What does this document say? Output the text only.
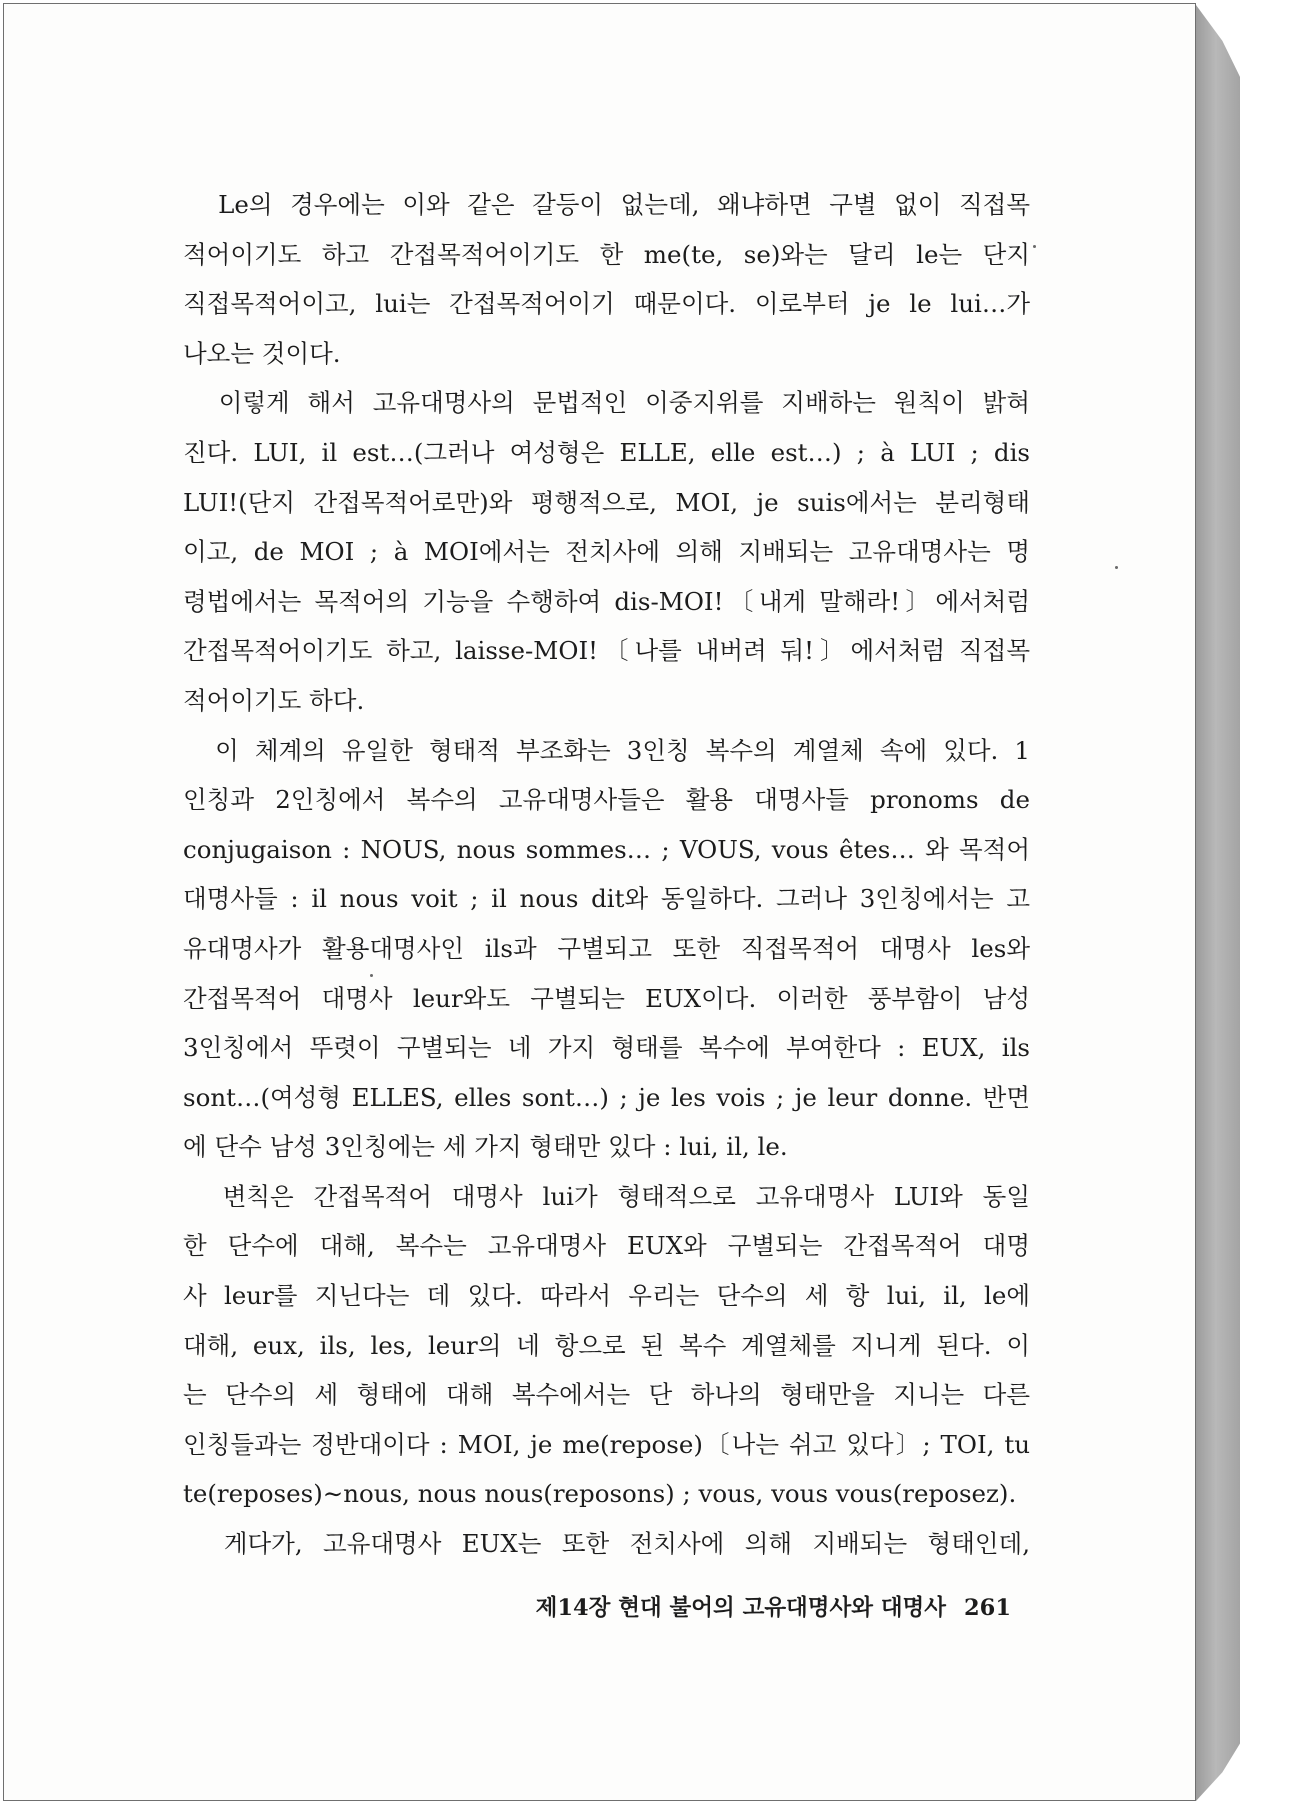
Le의 경우에는 이와 같은 갈등이 없는데, 왜냐하면 구별 없이 직접목
적어이기도 하고 간접목적어이기도 한 me(te, se)와는 달리 le는 단지
직접목적어이고, lui는 간접목적어이기 때문이다. 이로부터 je le lui…가
나오는 것이다.
이렇게 해서 고유대명사의 문법적인 이중지위를 지배하는 원칙이 밝혀
진다. LUI, il est…(그러나 여성형은 ELLE, elle est…) ; à LUI ; dis
LUI!(단지 간접목적어로만)와 평행적으로, MOI, je suis에서는 분리형태
이고, de MOI ; à MOI에서는 전치사에 의해 지배되는 고유대명사는 명
령법에서는 목적어의 기능을 수행하여 dis-MOI!〔내게 말해라!〕에서처럼
간접목적어이기도 하고, laisse-MOI!〔나를 내버려 둬!〕에서처럼 직접목
적어이기도 하다.
이 체계의 유일한 형태적 부조화는 3인칭 복수의 계열체 속에 있다. 1
인칭과 2인칭에서 복수의 고유대명사들은 활용 대명사들 pronoms de
conjugaison : NOUS, nous sommes… ; VOUS, vous êtes… 와 목적어
대명사들 : il nous voit ; il nous dit와 동일하다. 그러나 3인칭에서는 고
유대명사가 활용대명사인 ils과 구별되고 또한 직접목적어 대명사 les와
간접목적어 대명사 leur와도 구별되는 EUX이다. 이러한 풍부함이 남성
3인칭에서 뚜렷이 구별되는 네 가지 형태를 복수에 부여한다 : EUX, ils
sont…(여성형 ELLES, elles sont…) ; je les vois ; je leur donne. 반면
에 단수 남성 3인칭에는 세 가지 형태만 있다 : lui, il, le.
변칙은 간접목적어 대명사 lui가 형태적으로 고유대명사 LUI와 동일
한 단수에 대해, 복수는 고유대명사 EUX와 구별되는 간접목적어 대명
사 leur를 지닌다는 데 있다. 따라서 우리는 단수의 세 항 lui, il, le에
대해, eux, ils, les, leur의 네 항으로 된 복수 계열체를 지니게 된다. 이
는 단수의 세 형태에 대해 복수에서는 단 하나의 형태만을 지니는 다른
인칭들과는 정반대이다 : MOI, je me(repose)〔나는 쉬고 있다〕; TOI, tu
te(reposes)∼nous, nous nous(reposons) ; vous, vous vous(reposez).
게다가, 고유대명사 EUX는 또한 전치사에 의해 지배되는 형태인데,
제14장 현대 불어의 고유대명사와 대명사 261
